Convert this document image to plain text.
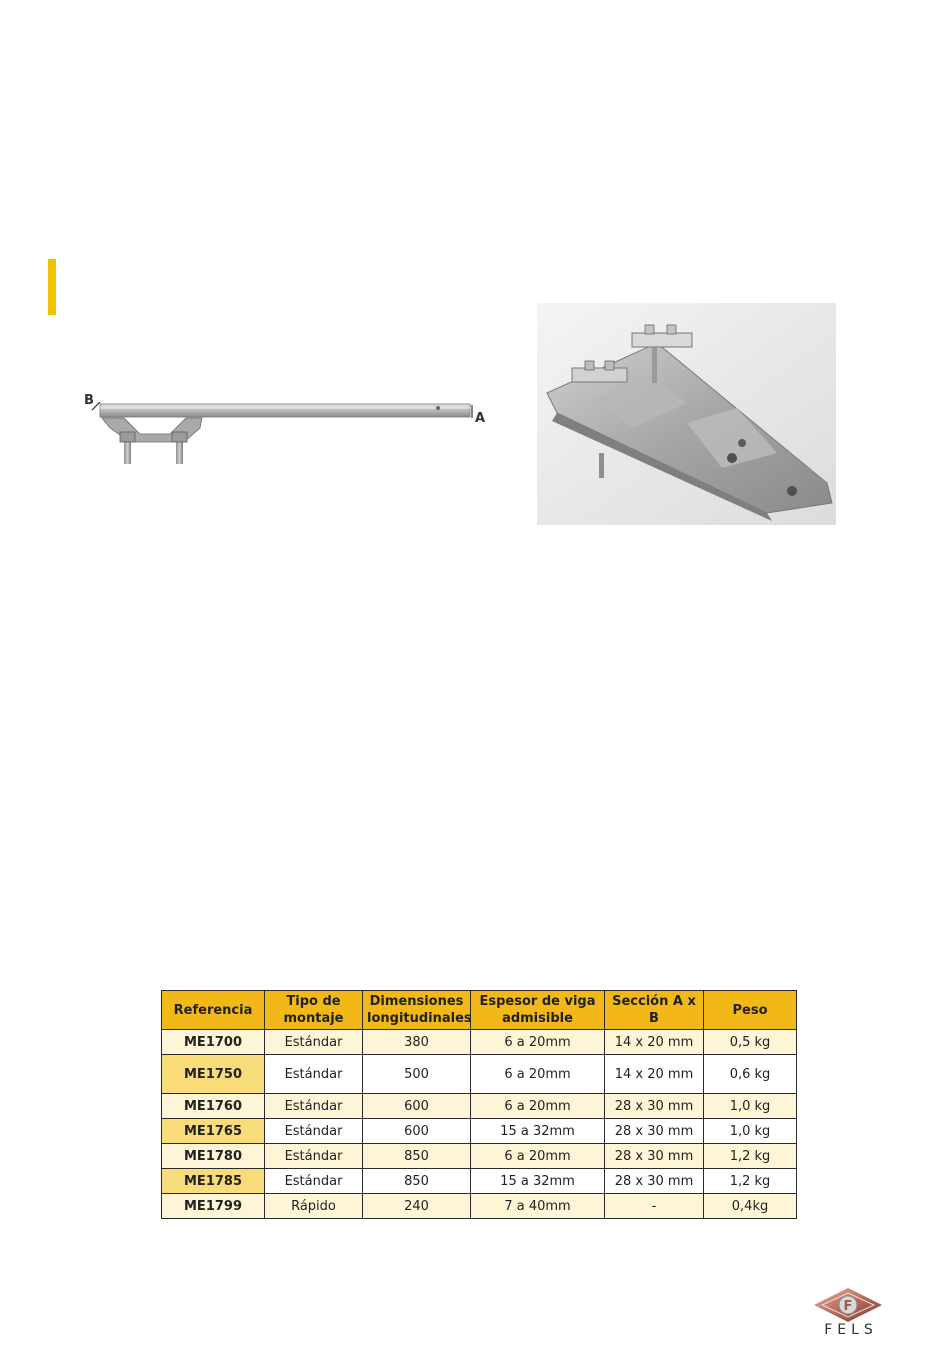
B
A
Referencia	Tipo de montaje	Dimensiones longitudinales	Espesor de viga admisible	Sección A x B	Peso
ME1700	Estándar	380	6 a 20mm	14 x 20 mm	0,5 kg
ME1750	Estándar	500	6 a 20mm	14 x 20 mm	0,6 kg
ME1760	Estándar	600	6 a 20mm	28 x 30 mm	1,0 kg
ME1765	Estándar	600	15 a 32mm	28 x 30 mm	1,0 kg
ME1780	Estándar	850	6 a 20mm	28 x 30 mm	1,2 kg
ME1785	Estándar	850	15 a 32mm	28 x 30 mm	1,2 kg
ME1799	Rápido	240	7 a 40mm	-	0,4kg
F
FELS
